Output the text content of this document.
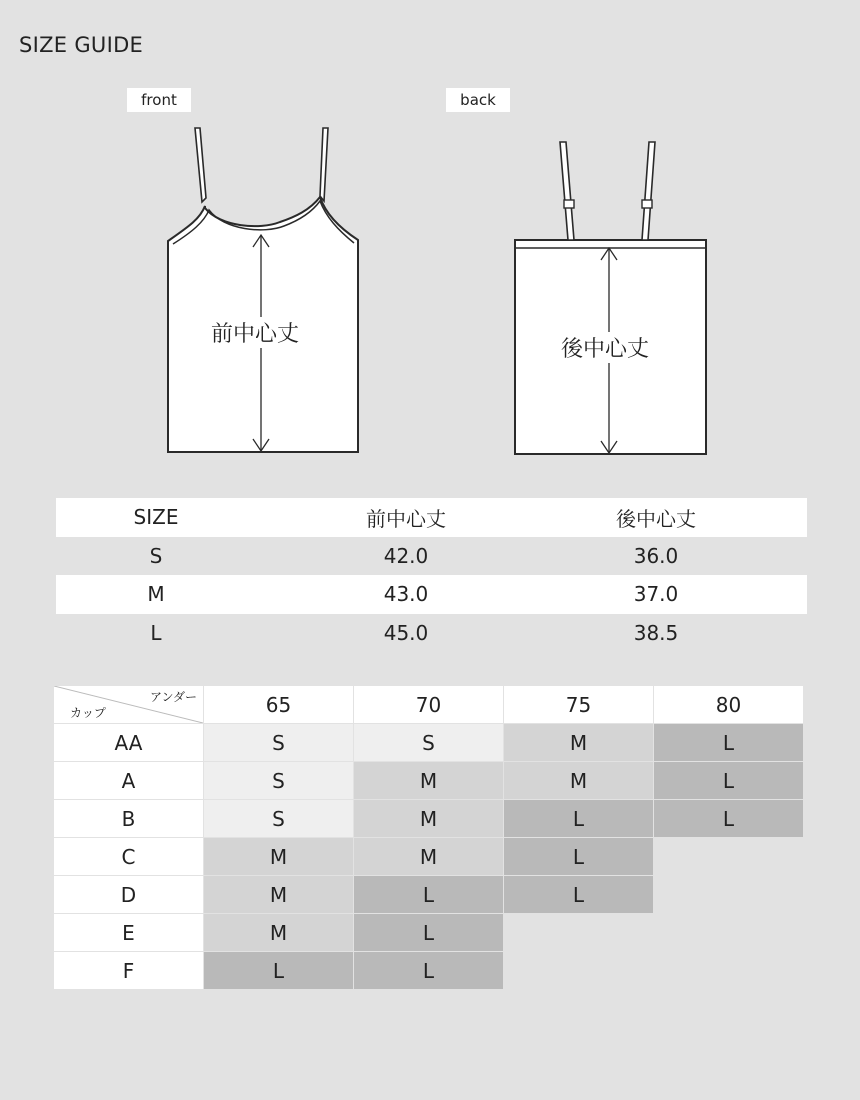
SIZE GUIDE
front	back
前中心丈
後中心丈
SIZE	前中心丈	後中心丈
S	42.0	36.0
M	43.0	37.0
L	45.0	38.5
アンダー
カップ	65	70	75	80
AA	S	S	M	L
A	S	M	M	L
B	S	M	L	L
C	M	M	L
D	M	L	L
E	M	L
F	L	L
